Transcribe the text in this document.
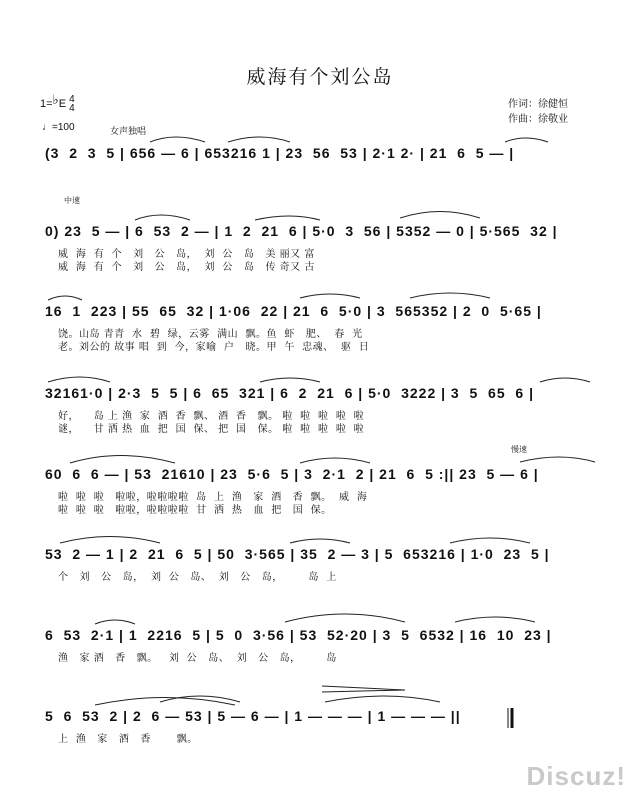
威海有个刘公岛
1=♭E 4
4
♩=100	女声独唱
作词：徐健恒
作曲：徐敬业
中速
慢速
(3  2  3  5 | 656 — 6 | 653216 1 | 23  56  53 | 2·1 2· | 21  6  5 — |
0) 23  5 — | 6  53  2 — | 1  2  21  6 | 5·0  3  56 | 5352 — 0 | 5·565  32 |
威  海  有  个   刘   公   岛，  刘  公   岛   美 丽又 富
威  海  有  个   刘   公   岛，  刘  公   岛   传 奇又 古
16  1  223 | 55  65  32 | 1·06  22 | 21  6  5·0 | 3  565352 | 2  0  5·65 |
饶。山岛 青青  水  碧  绿，云雾  满山  飘。鱼  虾   肥、  春  光
老。刘公的 故事 唱  到  今，家喻  户   晓。甲  午  忠魂、  驱  日
32161·0 | 2·3  5  5 | 6  65  321 | 6  2  21  6 | 5·0  3222 | 3  5  65  6 |
好，    岛 上 渔  家  酒  香  飘、 酒  香   飘。 啦  啦  啦  啦  啦
谜，    甘 洒 热  血  把  国  保、 把  国   保。 啦  啦  啦  啦  啦
60  6  6 — | 53  21610 | 23  5·6  5 | 3  2·1  2 | 21  6  5 :|| 23  5 — 6 |
啦  啦  啦   啦啦，啦啦啦啦  岛  上  渔   家  酒   香  飘。  威  海
啦  啦  啦   啦啦，啦啦啦啦  甘  洒  热   血  把   国  保。
53  2 — 1 | 2  21  6  5 | 50  3·565 | 35  2 — 3 | 5  653216 | 1·0  23  5 |
个   刘   公   岛，  刘  公   岛、  刘   公   岛，       岛  上
6  53  2·1 | 1  2216  5 | 5  0  3·56 | 53  52·20 | 3  5  6532 | 16  10  23 |
渔   家 酒   香   飘。   刘  公   岛、  刘   公   岛，       岛
5  6  53  2 | 2  6 — 53 | 5 — 6 — | 1 — — — | 1 — — — ||
上  渔   家   酒   香       飘。
Discuz!
